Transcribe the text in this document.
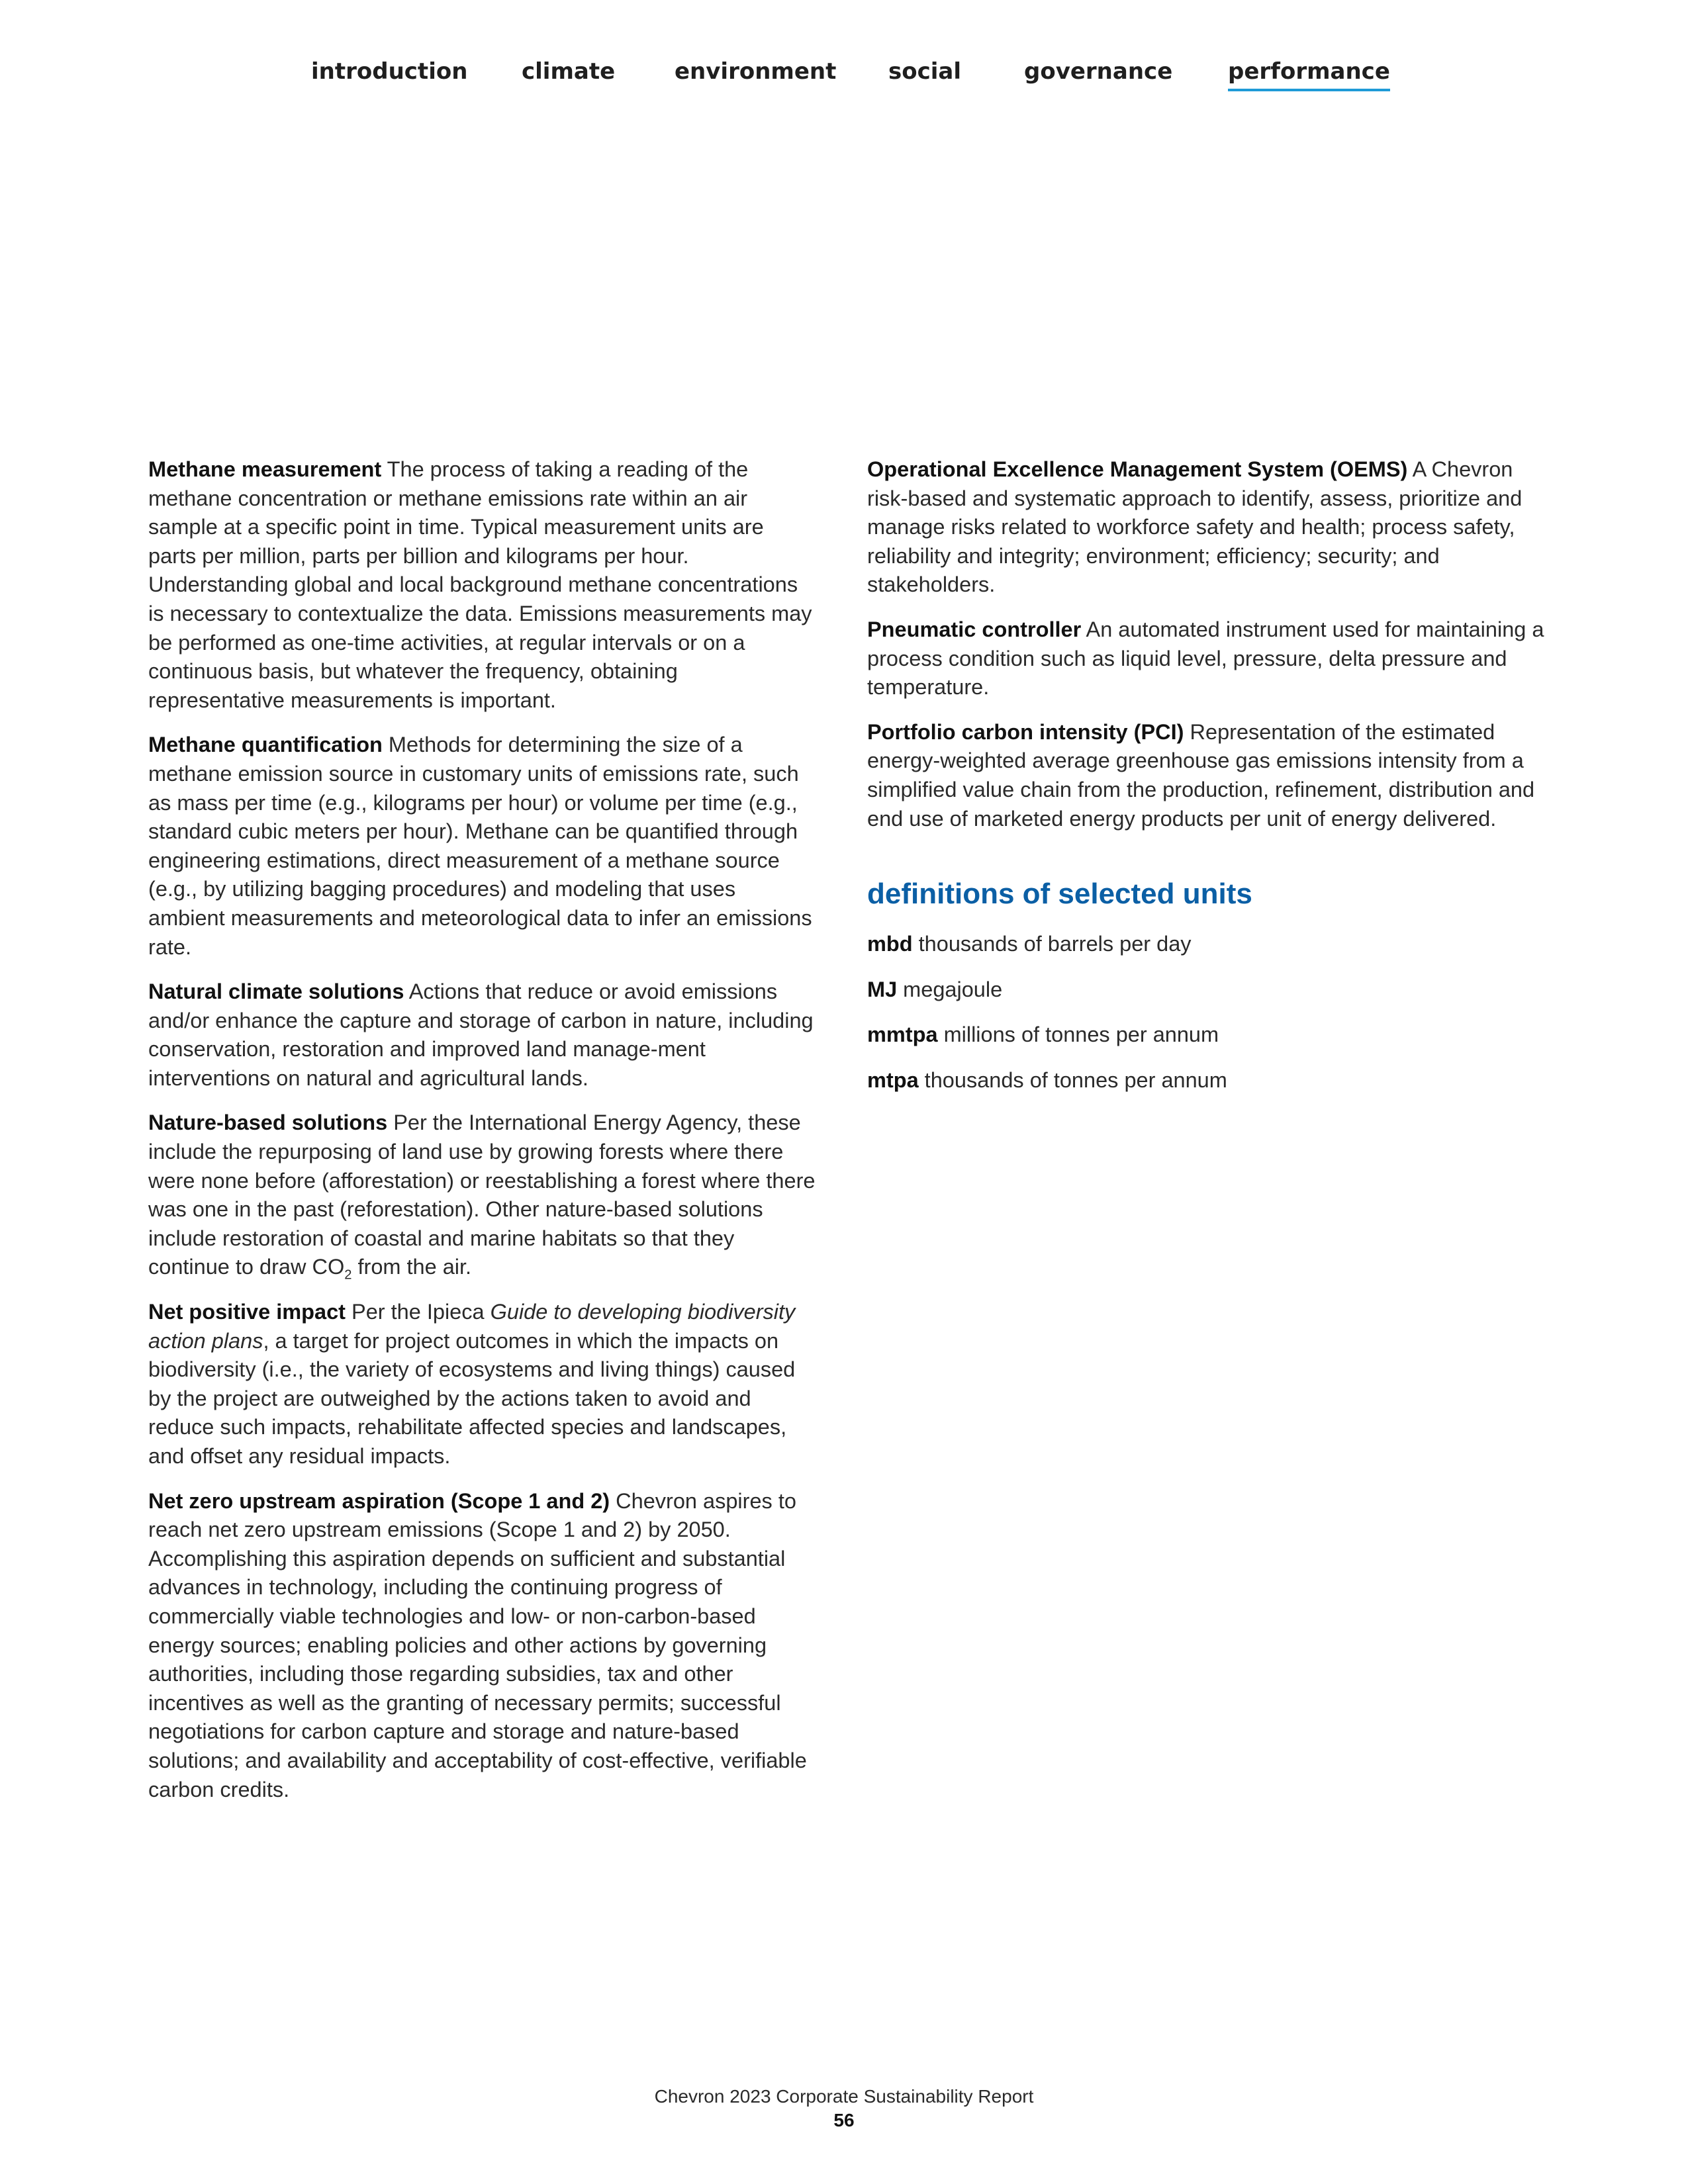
introduction climate	environment social	governance performance

Methane measurement The process of taking a reading of the methane concentration or methane emissions rate within an air sample at a specific point in time. Typical measurement units are parts per million, parts per billion and kilograms per hour. Understanding global and local background methane concentrations is necessary to contextualize the data. Emissions measurements may be performed as one-time activities, at regular intervals or on a continuous basis, but whatever the frequency, obtaining representative measurements is important.

Methane quantification Methods for determining the size of a methane emission source in customary units of emissions rate, such as mass per time (e.g., kilograms per hour) or volume per time (e.g., standard cubic meters per hour). Methane can be quantified through engineering estimations, direct measurement of a methane source (e.g., by utilizing bagging procedures) and modeling that uses ambient measurements and meteorological data to infer an emissions rate.

Natural climate solutions Actions that reduce or avoid emissions and/or enhance the capture and storage of carbon in nature, including conservation, restoration and improved land manage-ment interventions on natural and agricultural lands.

Nature-based solutions Per the International Energy Agency, these include the repurposing of land use by growing forests where there were none before (afforestation) or reestablishing a forest where there was one in the past (reforestation). Other nature-based solutions include restoration of coastal and marine habitats so that they continue to draw $CO_2$ from the air.

Net positive impact Per the Ipieca Guide to developing biodiversity action plans, a target for project outcomes in which the impacts on biodiversity (i.e., the variety of ecosystems and living things) caused by the project are outweighed by the actions taken to avoid and reduce such impacts, rehabilitate affected species and landscapes, and offset any residual impacts.

Net zero upstream aspiration (Scope 1 and 2) Chevron aspires to reach net zero upstream emissions (Scope 1 and 2) by 2050. Accomplishing this aspiration depends on sufficient and substantial advances in technology, including the continuing progress of commercially viable technologies and low- or non-carbon-based energy sources; enabling policies and other actions by governing authorities, including those regarding subsidies, tax and other incentives as well as the granting of necessary permits; successful negotiations for carbon capture and storage and nature-based solutions; and availability and acceptability of cost-effective, verifiable carbon credits.

Operational Excellence Management System (OEMS) A Chevron risk-based and systematic approach to identify, assess, prioritize and manage risks related to workforce safety and health; process safety, reliability and integrity; environment; efficiency; security; and stakeholders.

Pneumatic controller An automated instrument used for maintaining a process condition such as liquid level, pressure, delta pressure and temperature.

Portfolio carbon intensity (PCI) Representation of the estimated energy-weighted average greenhouse gas emissions intensity from a simplified value chain from the production, refinement, distribution and end use of marketed energy products per unit of energy delivered.

definitions of selected units

mbd thousands of barrels per day

MJ megajoule

mmtpa millions of tonnes per annum

mtpa thousands of tonnes per annum

Chevron 2023 Corporate Sustainability Report
56
